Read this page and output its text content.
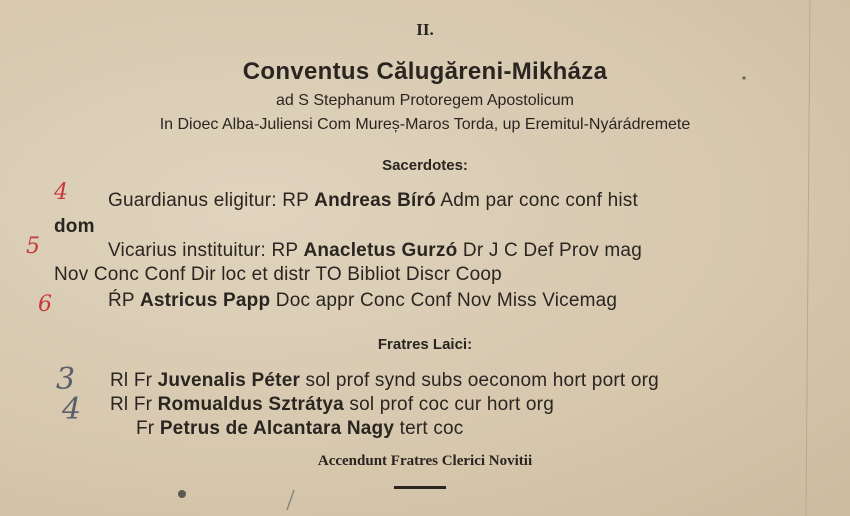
II.
Conventus Călugăreni-Mikháza
ad S Stephanum Protoregem Apostolicum
In Dioec Alba-Juliensi Com Mureș-Maros Torda, up Eremitul-Nyárádremete
Sacerdotes:
Guardianus eligitur: RP Andreas Bíró Adm par conc conf hist
dom
Vicarius instituitur: RP Anacletus Gurzó Dr J C Def Prov mag
Nov Conc Conf Dir loc et distr TO Bibliot Discr Coop
ŔP Astricus Papp Doc appr Conc Conf Nov Miss Vicemag
Fratres Laici:
Rl Fr Juvenalis Péter sol prof synd subs oeconom hort port org
Rl Fr Romualdus Sztrátya sol prof coc cur hort org
Fr Petrus de Alcantara Nagy tert coc
Accendunt Fratres Clerici Novitii
4
5
6
3
4
